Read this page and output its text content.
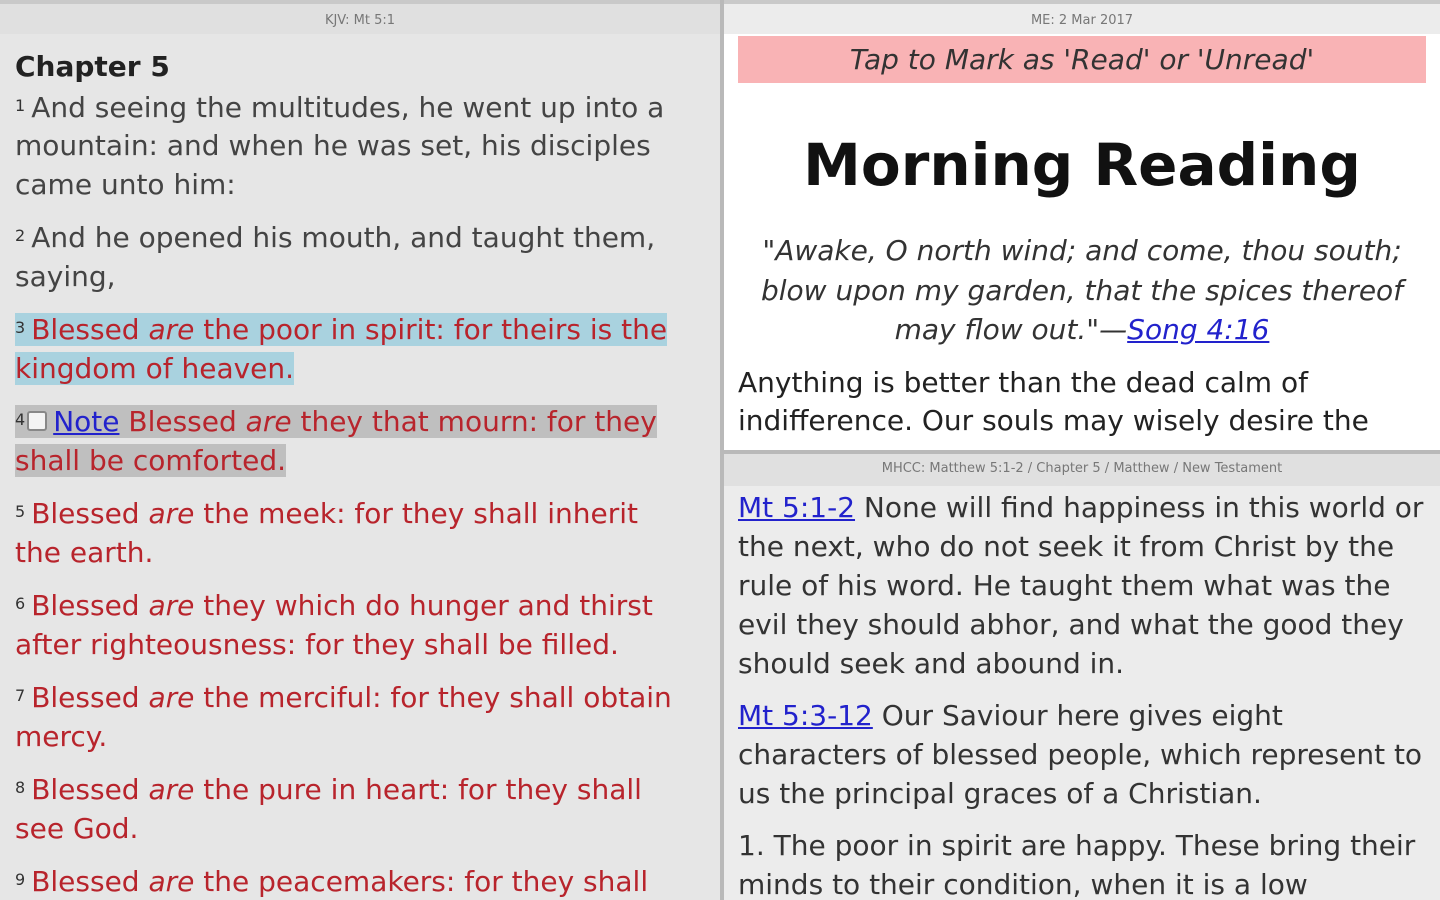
KJV: Mt 5:1
Chapter 5
$^1$ And seeing the multitudes, he went up into a mountain: and when he was set, his disciples came unto him:
$^2$ And he opened his mouth, and taught them, saying,
$^3$ Blessed are the poor in spirit: for theirs is the kingdom of heaven.
$^4$ Note Blessed are they that mourn: for they shall be comforted.
$^5$ Blessed are the meek: for they shall inherit the earth.
$^6$ Blessed are they which do hunger and thirst after righteousness: for they shall be filled.
$^7$ Blessed are the merciful: for they shall obtain mercy.
$^8$ Blessed are the pure in heart: for they shall see God.
$^9$ Blessed are the peacemakers: for they shall
ME: 2 Mar 2017
Tap to Mark as 'Read' or 'Unread'
Morning Reading
"Awake, O north wind; and come, thou south; blow upon my garden, that the spices thereof may flow out."—Song 4:16
Anything is better than the dead calm of indifference. Our souls may wisely desire the
MHCC: Matthew 5:1-2 / Chapter 5 / Matthew / New Testament

Mt 5:1-2 None will find happiness in this world or the next, who do not seek it from Christ by the rule of his word. He taught them what was the evil they should abhor, and what the good they should seek and abound in.

Mt 5:3-12 Our Saviour here gives eight characters of blessed people, which represent to us the principal graces of a Christian.

1. The poor in spirit are happy. These bring their minds to their condition, when it is a low
